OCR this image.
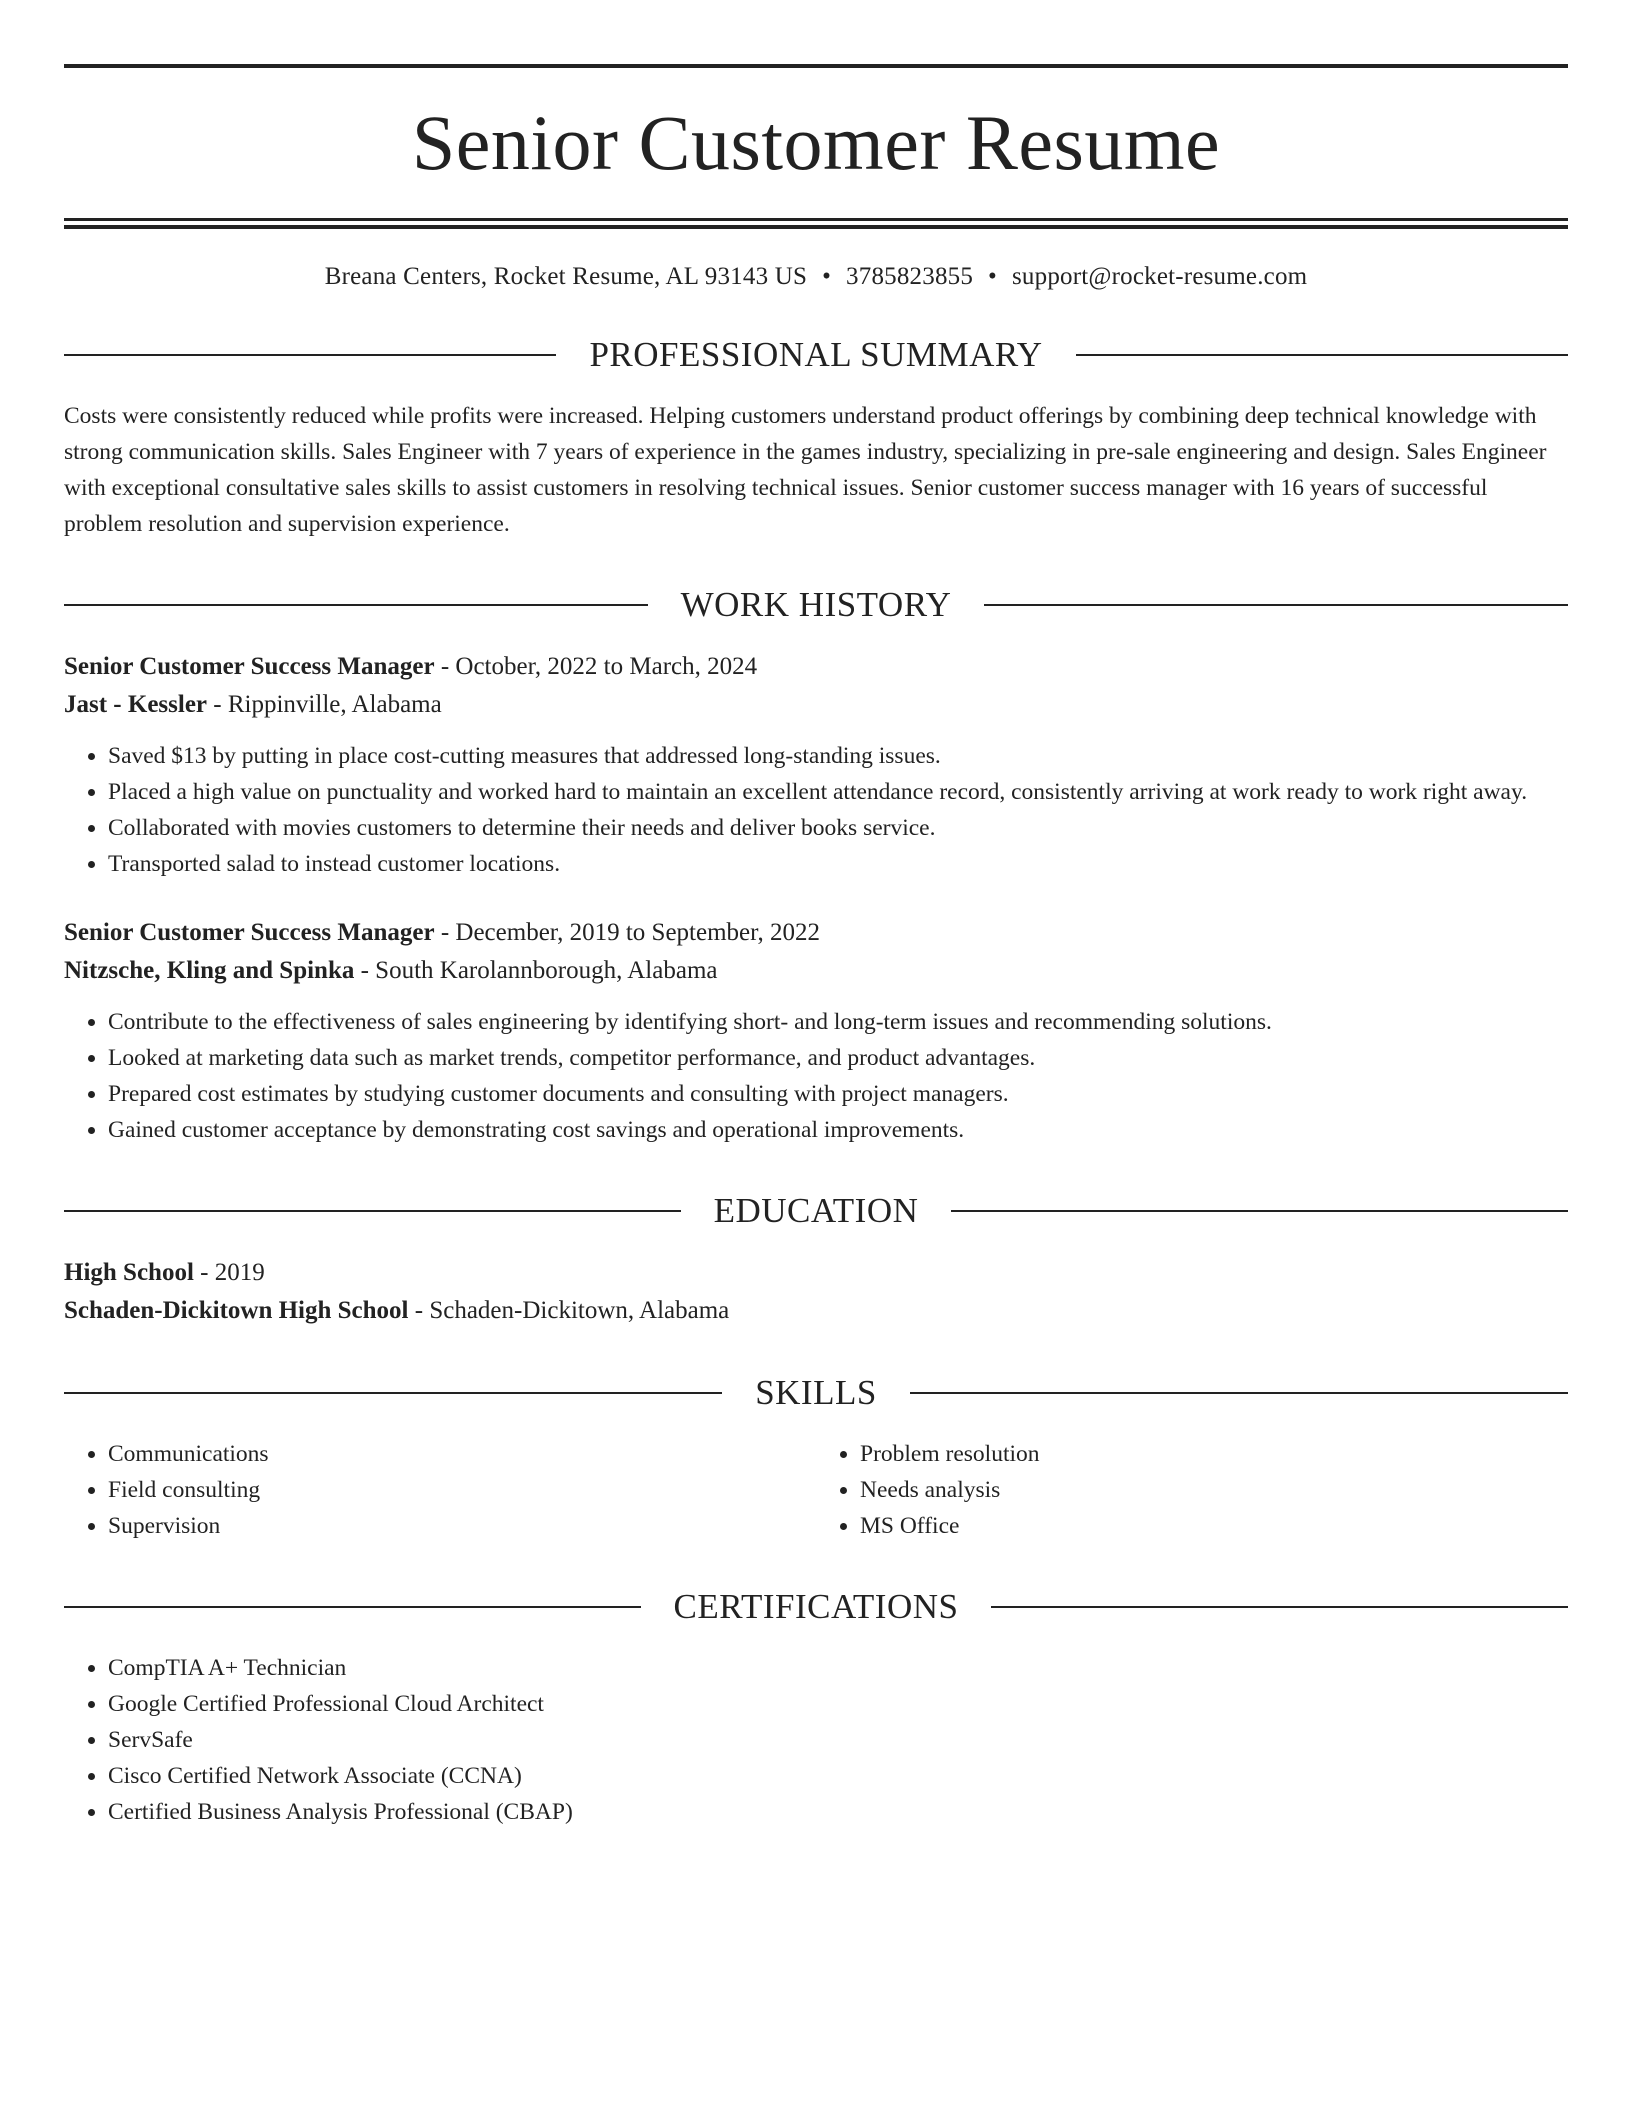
Senior Customer Resume
Breana Centers, Rocket Resume, AL 93143 US • 3785823855 • support@rocket-resume.com
PROFESSIONAL SUMMARY

Costs were consistently reduced while profits were increased. Helping customers understand product offerings by combining deep technical knowledge with strong communication skills. Sales Engineer with 7 years of experience in the games industry, specializing in pre-sale engineering and design. Sales Engineer with exceptional consultative sales skills to assist customers in resolving technical issues. Senior customer success manager with 16 years of successful problem resolution and supervision experience.

WORK HISTORY
Senior Customer Success Manager - October, 2022 to March, 2024
Jast - Kessler - Rippinville, Alabama
• Saved $13 by putting in place cost-cutting measures that addressed long-standing issues.
• Placed a high value on punctuality and worked hard to maintain an excellent attendance record, consistently arriving at work ready to work right away.
• Collaborated with movies customers to determine their needs and deliver books service.
• Transported salad to instead customer locations.
Senior Customer Success Manager - December, 2019 to September, 2022
Nitzsche, Kling and Spinka - South Karolannborough, Alabama
• Contribute to the effectiveness of sales engineering by identifying short- and long-term issues and recommending solutions.
• Looked at marketing data such as market trends, competitor performance, and product advantages.
• Prepared cost estimates by studying customer documents and consulting with project managers.
• Gained customer acceptance by demonstrating cost savings and operational improvements.
EDUCATION
High School - 2019
Schaden-Dickitown High School - Schaden-Dickitown, Alabama
SKILLS
• Communications
• Field consulting
• Supervision
• Problem resolution
• Needs analysis
• MS Office
CERTIFICATIONS
• CompTIA A+ Technician
• Google Certified Professional Cloud Architect
• ServSafe
• Cisco Certified Network Associate (CCNA)
• Certified Business Analysis Professional (CBAP)
